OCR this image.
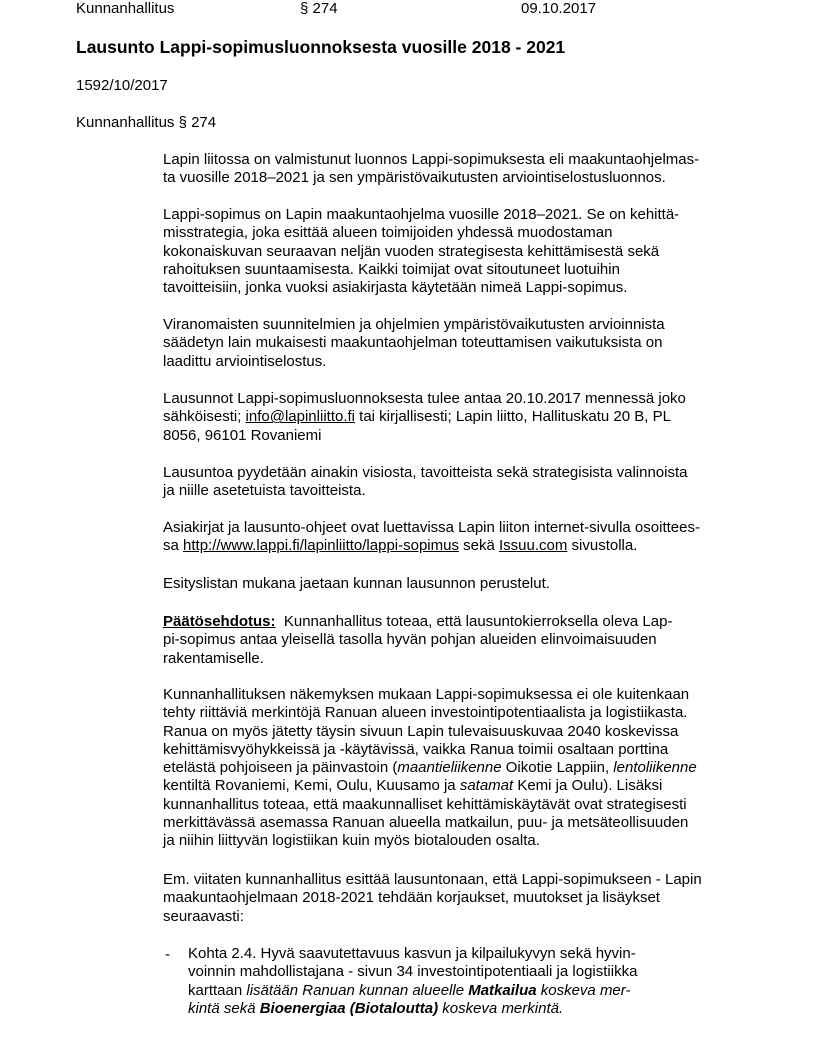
Kunnanhallitus	§ 274	09.10.2017
Lausunto Lappi-sopimusluonnoksesta vuosille 2018 - 2021
1592/10/2017
Kunnanhallitus § 274
Lapin liitossa on valmistunut luonnos Lappi-sopimuksesta eli maakuntaohjelmas-
ta vuosille 2018–2021 ja sen ympäristövaikutusten arviointiselostusluonnos.
Lappi-sopimus on Lapin maakuntaohjelma vuosille 2018–2021. Se on kehittä-
misstrategia, joka esittää alueen toimijoiden yhdessä muodostaman
kokonaiskuvan seuraavan neljän vuoden strategisesta kehittämisestä sekä
rahoituksen suuntaamisesta. Kaikki toimijat ovat sitoutuneet luotuihin
tavoitteisiin, jonka vuoksi asiakirjasta käytetään nimeä Lappi-sopimus.
Viranomaisten suunnitelmien ja ohjelmien ympäristövaikutusten arvioinnista
säädetyn lain mukaisesti maakuntaohjelman toteuttamisen vaikutuksista on
laadittu arviointiselostus.
Lausunnot Lappi-sopimusluonnoksesta tulee antaa 20.10.2017 mennessä joko
sähköisesti; info@lapinliitto.fi tai kirjallisesti; Lapin liitto, Hallituskatu 20 B, PL
8056, 96101 Rovaniemi
Lausuntoa pyydetään ainakin visiosta, tavoitteista sekä strategisista valinnoista
ja niille asetetuista tavoitteista.
Asiakirjat ja lausunto-ohjeet ovat luettavissa Lapin liiton internet-sivulla osoittees-
sa http://www.lappi.fi/lapinliitto/lappi-sopimus sekä Issuu.com sivustolla.
Esityslistan mukana jaetaan kunnan lausunnon perustelut.
Päätösehdotus:  Kunnanhallitus toteaa, että lausuntokierroksella oleva Lap-
pi-sopimus antaa yleisellä tasolla hyvän pohjan alueiden elinvoimaisuuden
rakentamiselle.
Kunnanhallituksen näkemyksen mukaan Lappi-sopimuksessa ei ole kuitenkaan
tehty riittäviä merkintöjä Ranuan alueen investointipotentiaalista ja logistiikasta.
Ranua on myös jätetty täysin sivuun Lapin tulevaisuuskuvaa 2040 koskevissa
kehittämisvyöhykkeissä ja -käytävissä, vaikka Ranua toimii osaltaan porttina
etelästä pohjoiseen ja päinvastoin (maantieliikenne Oikotie Lappiin, lentoliikenne
kentiltä Rovaniemi, Kemi, Oulu, Kuusamo ja satamat Kemi ja Oulu). Lisäksi
kunnanhallitus toteaa, että maakunnalliset kehittämiskäytävät ovat strategisesti
merkittävässä asemassa Ranuan alueella matkailun, puu- ja metsäteollisuuden
ja niihin liittyvän logistiikan kuin myös biotalouden osalta.
Em. viitaten kunnanhallitus esittää lausuntonaan, että Lappi-sopimukseen - Lapin
maakuntaohjelmaan 2018-2021 tehdään korjaukset, muutokset ja lisäykset
seuraavasti:
- Kohta 2.4. Hyvä saavutettavuus kasvun ja kilpailukyvyn sekä hyvin-
voinnin mahdollistajana - sivun 34 investointipotentiaali ja logistiikka
karttaan lisätään Ranuan kunnan alueelle Matkailua koskeva mer-
kintä sekä Bioenergiaa (Biotaloutta) koskeva merkintä.
